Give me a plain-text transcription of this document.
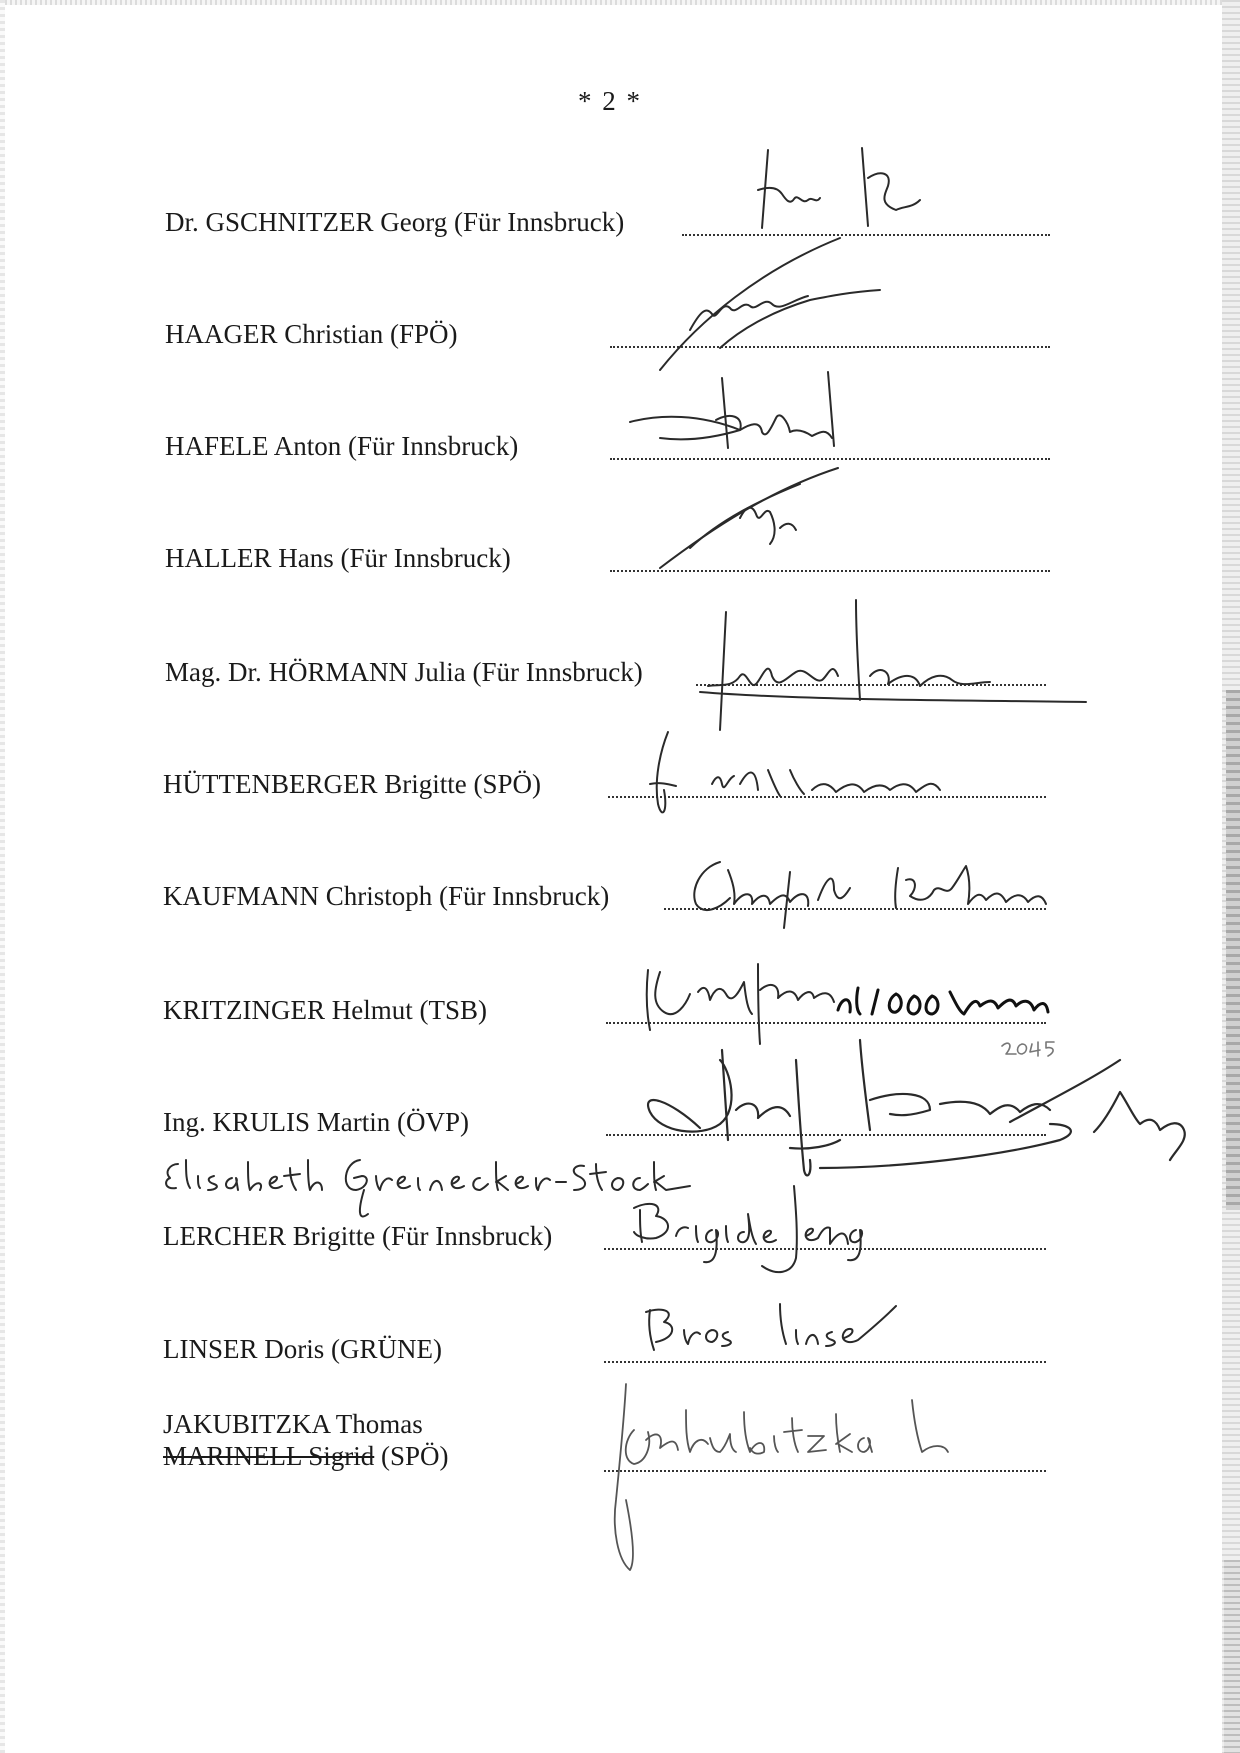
* 2 *
Dr. GSCHNITZER Georg (Für Innsbruck)
HAAGER Christian (FPÖ)
HAFELE Anton (Für Innsbruck)
HALLER Hans (Für Innsbruck)
Mag. Dr. HÖRMANN Julia (Für Innsbruck)
HÜTTENBERGER Brigitte (SPÖ)
KAUFMANN Christoph (Für Innsbruck)
KRITZINGER Helmut (TSB)
Ing. KRULIS Martin (ÖVP)
LERCHER Brigitte (Für Innsbruck)
LINSER Doris (GRÜNE)
JAKUBITZKA Thomas
MARINELL Sigrid (SPÖ)
